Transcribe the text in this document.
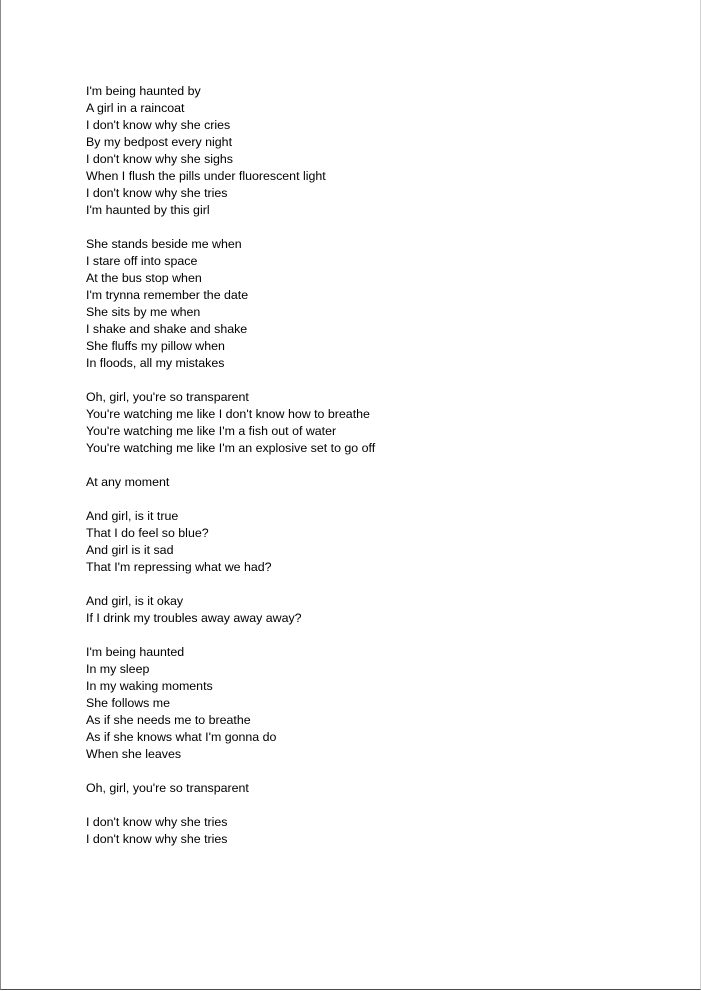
I'm being haunted by
A girl in a raincoat
I don't know why she cries
By my bedpost every night
I don't know why she sighs
When I flush the pills under fluorescent light
I don't know why she tries
I'm haunted by this girl
She stands beside me when
I stare off into space
At the bus stop when
I'm trynna remember the date
She sits by me when
I shake and shake and shake
She fluffs my pillow when
In floods, all my mistakes
Oh, girl, you're so transparent
You're watching me like I don't know how to breathe
You're watching me like I'm a fish out of water
You're watching me like I'm an explosive set to go off
At any moment
And girl, is it true
That I do feel so blue?
And girl is it sad
That I'm repressing what we had?
And girl, is it okay
If I drink my troubles away away away?
I'm being haunted
In my sleep
In my waking moments
She follows me
As if she needs me to breathe
As if she knows what I'm gonna do
When she leaves
Oh, girl, you're so transparent
I don't know why she tries
I don't know why she tries
